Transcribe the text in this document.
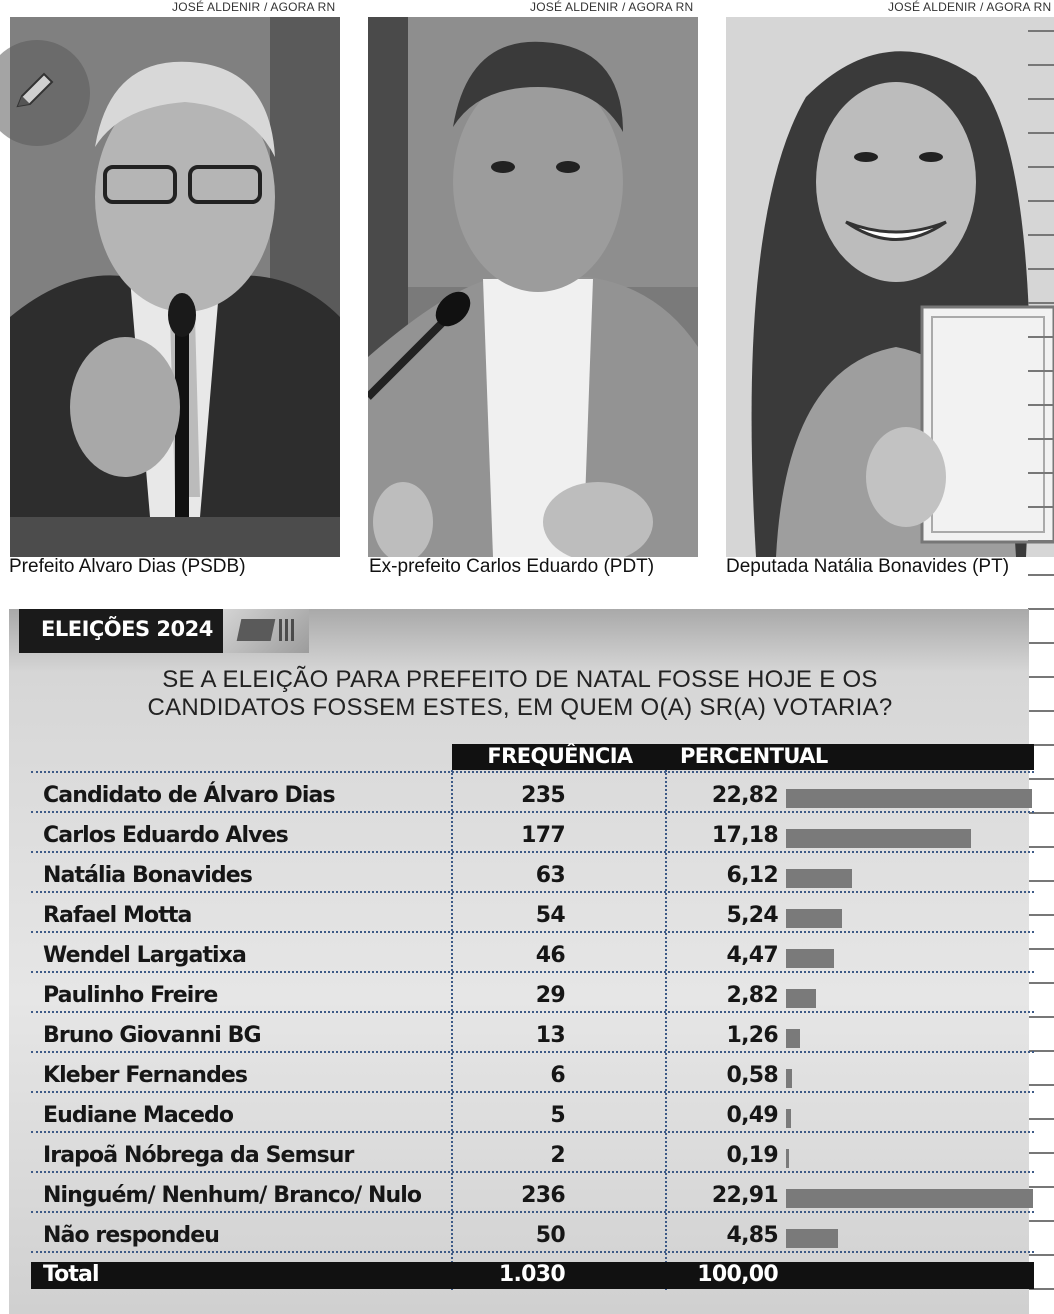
JOSÉ ALDENIR / AGORA RN	JOSÉ ALDENIR / AGORA RN	JOSÉ ALDENIR / AGORA RN
Prefeito Alvaro Dias (PSDB)	Ex-prefeito Carlos Eduardo (PDT)	Deputada Natália Bonavides (PT)
ELEIÇÕES 2024
SE A ELEIÇÃO PARA PREFEITO DE NATAL FOSSE HOJE E OS
CANDIDATOS FOSSEM ESTES, EM QUEM O(A) SR(A) VOTARIA?
FREQUÊNCIA	PERCENTUAL
Candidato de Álvaro Dias	235	22,82
Carlos Eduardo Alves	177	17,18
Natália Bonavides	63	6,12
Rafael Motta	54	5,24
Wendel Largatixa	46	4,47
Paulinho Freire	29	2,82
Bruno Giovanni BG	13	1,26
Kleber Fernandes	6	0,58
Eudiane Macedo	5	0,49
Irapoã Nóbrega da Semsur	2	0,19
Ninguém/ Nenhum/ Branco/ Nulo	236	22,91
Não respondeu	50	4,85
Total	1.030	100,00
